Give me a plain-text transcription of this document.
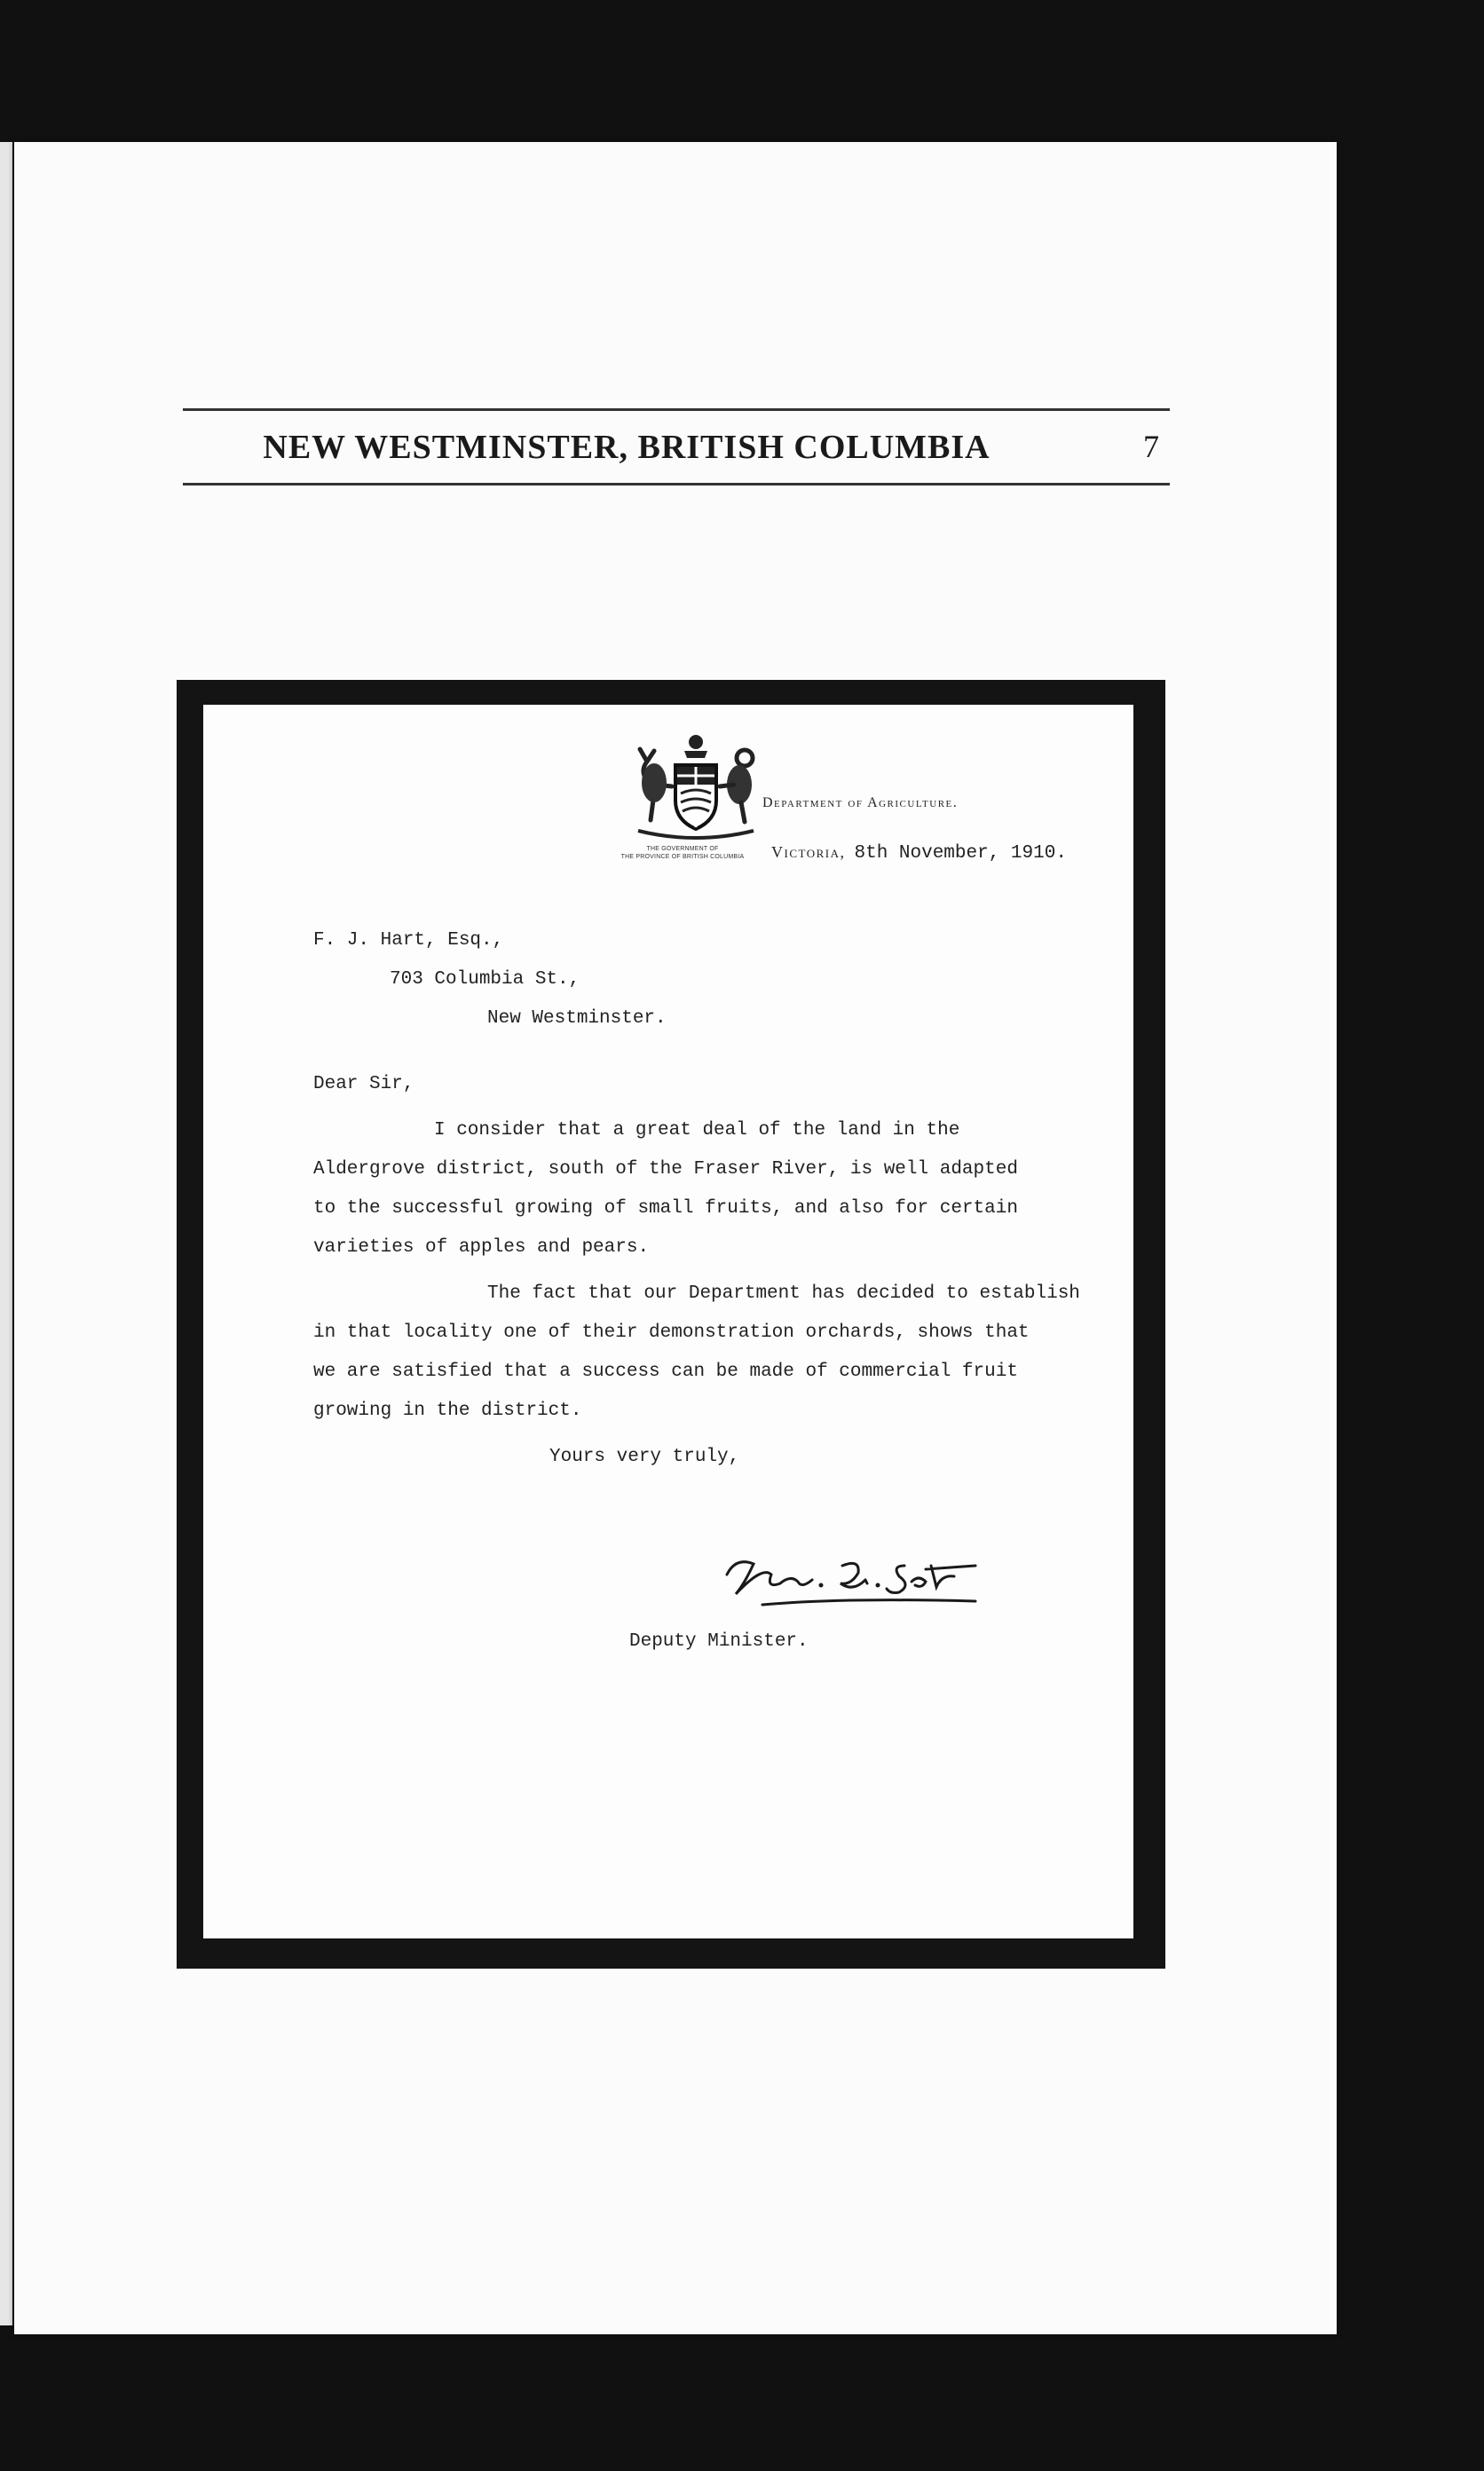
NEW WESTMINSTER, BRITISH COLUMBIA	7
THE GOVERNMENT OF
THE PROVINCE OF BRITISH COLUMBIA
Department of Agriculture.
Victoria, 8th November, 1910.
F. J. Hart, Esq.,
703 Columbia St.,
New Westminster.
Dear Sir,
I consider that a great deal of the land in the
Aldergrove district, south of the Fraser River, is well adapted
to the successful growing of small fruits, and also for certain
varieties of apples and pears.
The fact that our Department has decided to establish
in that locality one of their demonstration orchards, shows that
we are satisfied that a success can be made of commercial fruit
growing in the district.
Yours very truly,
Deputy Minister.
